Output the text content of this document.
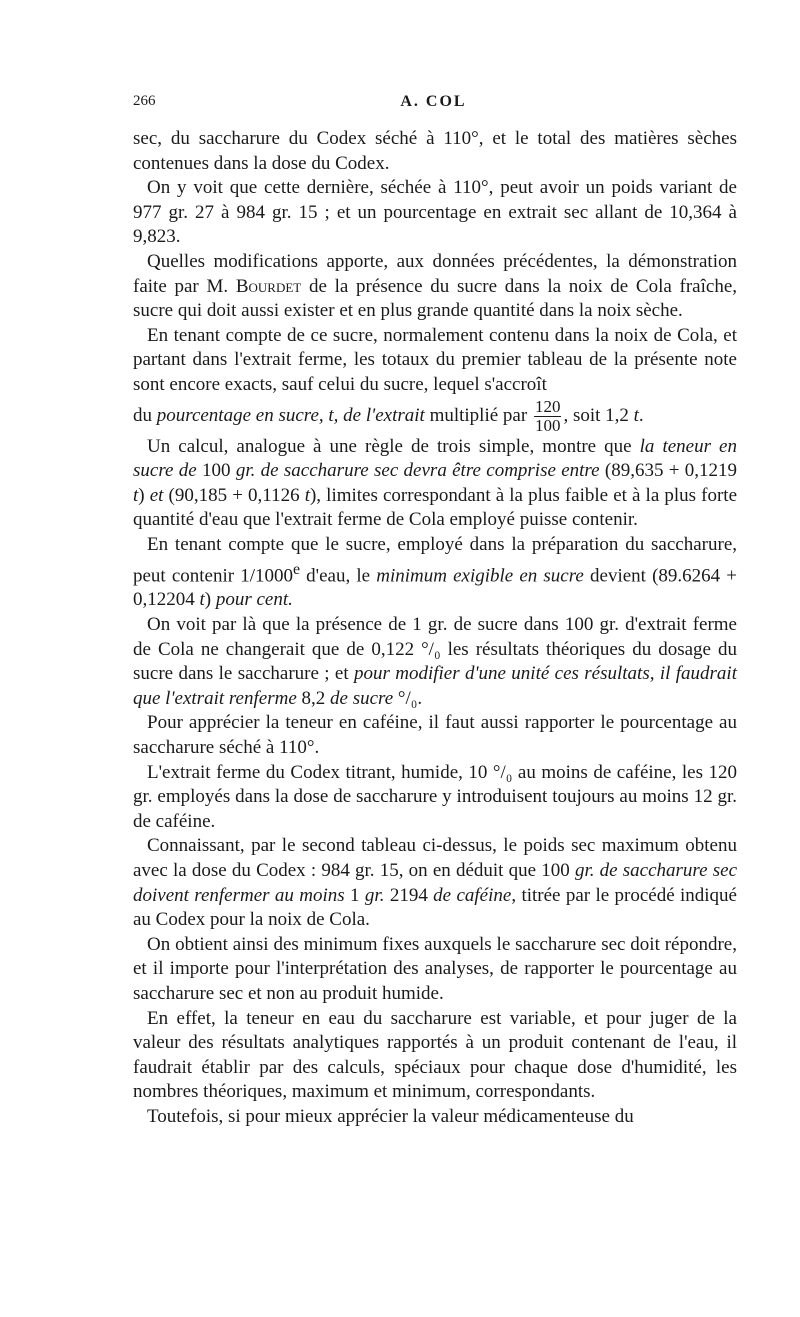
266	A. COL

sec, du saccharure du Codex séché à 110°, et le total des matières sèches contenues dans la dose du Codex.

On y voit que cette dernière, séchée à 110°, peut avoir un poids variant de 977 gr. 27 à 984 gr. 15 ; et un pourcentage en extrait sec allant de 10,364 à 9,823.

Quelles modifications apporte, aux données précédentes, la démonstration faite par M. Bourdet de la présence du sucre dans la noix de Cola fraîche, sucre qui doit aussi exister et en plus grande quantité dans la noix sèche.

En tenant compte de ce sucre, normalement contenu dans la noix de Cola, et partant dans l'extrait ferme, les totaux du premier tableau de la présente note sont encore exacts, sauf celui du sucre, lequel s'accroît

du pourcentage en sucre, t, de l'extrait multiplié par $\frac{120}{100}$ , soit 1,2 t.

Un calcul, analogue à une règle de trois simple, montre que la teneur en sucre de 100 gr. de saccharure sec devra être comprise entre (89,635 + 0,1219 t) et (90,185 + 0,1126 t), limites correspondant à la plus faible et à la plus forte quantité d'eau que l'extrait ferme de Cola employé puisse contenir.

En tenant compte que le sucre, employé dans la préparation du saccharure, peut contenir 1/1000e d'eau, le minimum exigible en sucre devient (89.6264 + 0,12204 t) pour cent.

On voit par là que la présence de 1 gr. de sucre dans 100 gr. d'extrait ferme de Cola ne changerait que de 0,122 °/₀ les résultats théoriques du dosage du sucre dans le saccharure ; et pour modifier d'une unité ces résultats, il faudrait que l'extrait renferme 8,2 de sucre °/₀.

Pour apprécier la teneur en caféine, il faut aussi rapporter le pourcentage au saccharure séché à 110°.

L'extrait ferme du Codex titrant, humide, 10 °/₀ au moins de caféine, les 120 gr. employés dans la dose de saccharure y introduisent toujours au moins 12 gr. de caféine.

Connaissant, par le second tableau ci-dessus, le poids sec maximum obtenu avec la dose du Codex : 984 gr. 15, on en déduit que 100 gr. de saccharure sec doivent renfermer au moins 1 gr. 2194 de caféine, titrée par le procédé indiqué au Codex pour la noix de Cola.

On obtient ainsi des minimum fixes auxquels le saccharure sec doit répondre, et il importe pour l'interprétation des analyses, de rapporter le pourcentage au saccharure sec et non au produit humide.

En effet, la teneur en eau du saccharure est variable, et pour juger de la valeur des résultats analytiques rapportés à un produit contenant de l'eau, il faudrait établir par des calculs, spéciaux pour chaque dose d'humidité, les nombres théoriques, maximum et minimum, correspondants.

Toutefois, si pour mieux apprécier la valeur médicamenteuse du
